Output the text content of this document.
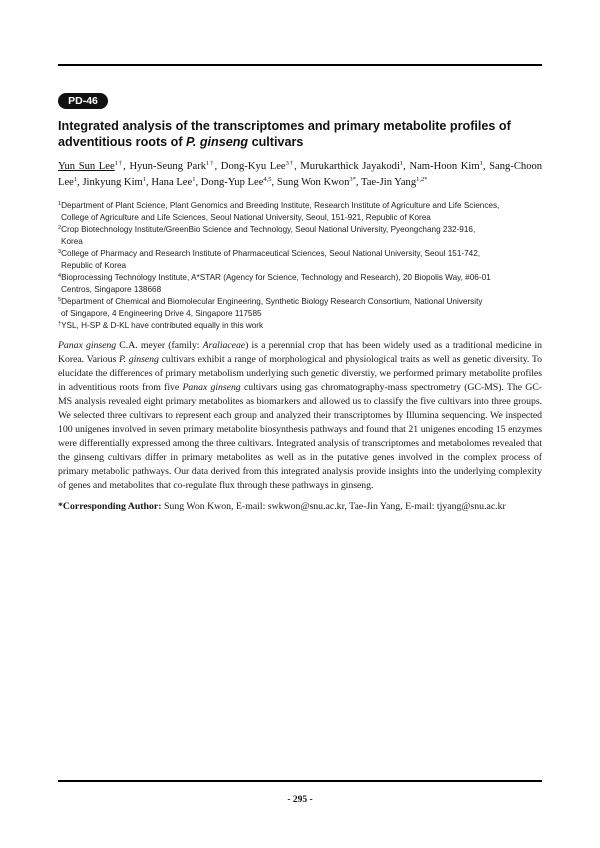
PD-46
Integrated analysis of the transcriptomes and primary metabolite profiles of
adventitious roots of P. ginseng cultivars
Yun Sun Lee$^{1\dagger}$, Hyun-Seung Park$^{1\dagger}$, Dong-Kyu Lee$^{3\dagger}$, Murukarthick Jayakodi$^1$, Nam-Hoon Kim$^1$, Sang-Choon Lee$^1$, Jinkyung Kim$^1$, Hana Lee$^1$, Dong-Yup Lee$^{4,5}$, Sung Won Kwon$^{3*}$, Tae-Jin Yang$^{1,2*}$
$^1$Department of Plant Science, Plant Genomics and Breeding Institute, Research Institute of Agriculture and Life Sciences,
College of Agriculture and Life Sciences, Seoul National University, Seoul, 151-921, Republic of Korea
$^2$Crop Biotechnology Institute/GreenBio Science and Technology, Seoul National University, Pyeongchang 232-916,
Korea
$^3$College of Pharmacy and Research Institute of Pharmaceutical Sciences, Seoul National University, Seoul 151-742,
Republic of Korea
$^4$Bioprocessing Technology Institute, A*STAR (Agency for Science, Technology and Research), 20 Biopolis Way, #06-01
Centros, Singapore 138668
$^5$Department of Chemical and Biomolecular Engineering, Synthetic Biology Research Consortium, National University
of Singapore, 4 Engineering Drive 4, Singapore 117585
†YSL, H-SP & D-KL have contributed equally in this work
Panax ginseng C.A. meyer (family: Araliaceae) is a perennial crop that has been widely used as a traditional medicine in Korea. Various P. ginseng cultivars exhibit a range of morphological and physiological traits as well as genetic diversity. To elucidate the differences of primary metabolism underlying such genetic diverstiy, we performed primary metabolite profiles in adventitious roots from five Panax ginseng cultivars using gas chromatography-mass spectrometry (GC-MS). The GC-MS analysis revealed eight primary metabolites as biomarkers and allowed us to classify the five cultivars into three groups. We selected three cultivars to represent each group and analyzed their transcriptomes by Illumina sequencing. We inspected 100 unigenes involved in seven primary metabolite biosynthesis pathways and found that 21 unigenes encoding 15 enzymes were differentially expressed among the three cultivars. Integrated analysis of transcriptomes and metabolomes revealed that the ginseng cultivars differ in primary metabolites as well as in the putative genes involved in the complex process of primary metabolic pathways. Our data derived from this integrated analysis provide insights into the underlying complexity of genes and metabolites that co-regulate flux through these pathways in ginseng.
*Corresponding Author: Sung Won Kwon, E-mail: swkwon@snu.ac.kr, Tae-Jin Yang, E-mail: tjyang@snu.ac.kr
- 295 -
